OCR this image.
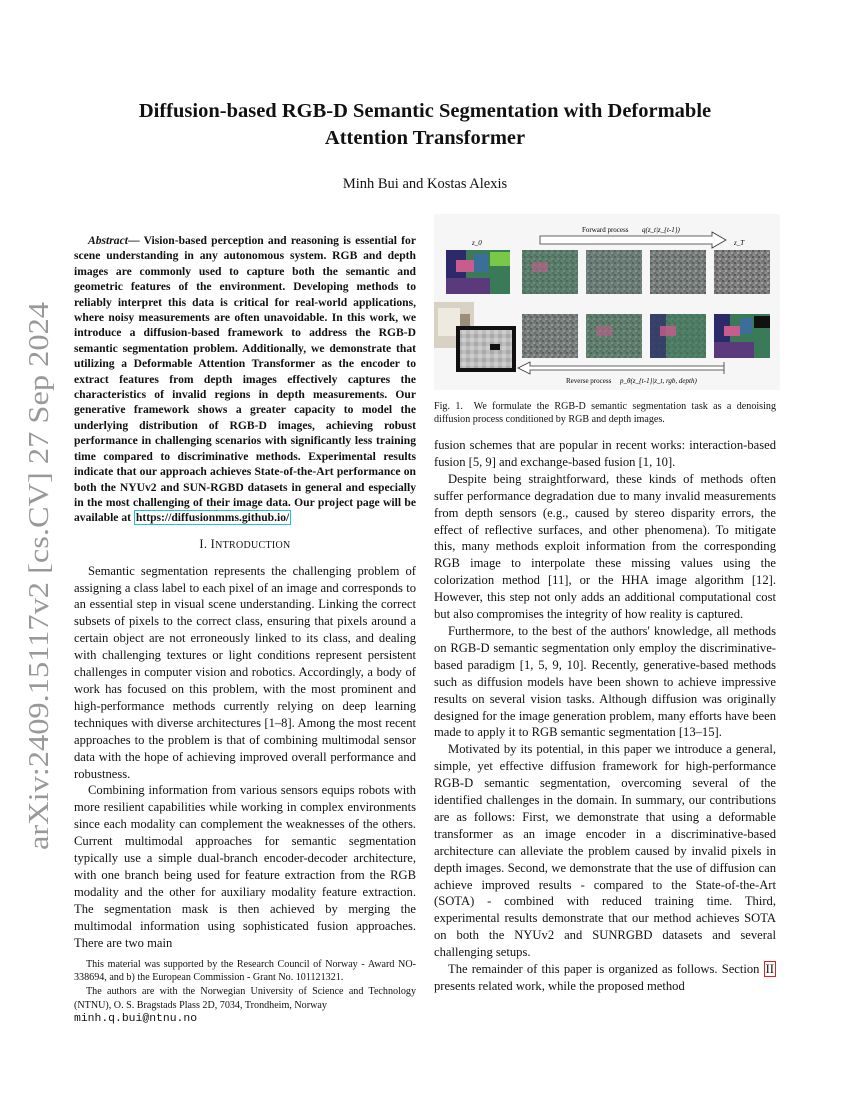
arXiv:2409.15117v2 [cs.CV] 27 Sep 2024
Diffusion-based RGB-D Semantic Segmentation with Deformable
Attention Transformer
Minh Bui and Kostas Alexis

Abstract— Vision-based perception and reasoning is essential for scene understanding in any autonomous system. RGB and depth images are commonly used to capture both the semantic and geometric features of the environment. Developing methods to reliably interpret this data is critical for real-world applications, where noisy measurements are often unavoidable. In this work, we introduce a diffusion-based framework to address the RGB-D semantic segmentation problem. Additionally, we demonstrate that utilizing a Deformable Attention Transformer as the encoder to extract features from depth images effectively captures the characteristics of invalid regions in depth measurements. Our generative framework shows a greater capacity to model the underlying distribution of RGB-D images, achieving robust performance in challenging scenarios with significantly less training time compared to discriminative methods. Experimental results indicate that our approach achieves State-of-the-Art performance on both the NYUv2 and SUN-RGBD datasets in general and especially in the most challenging of their image data. Our project page will be available at https://diffusionmms.github.io/

I. INTRODUCTION

Semantic segmentation represents the challenging problem of assigning a class label to each pixel of an image and corresponds to an essential step in visual scene understanding. Linking the correct subsets of pixels to the correct class, ensuring that pixels around a certain object are not erroneously linked to its class, and dealing with challenging textures or light conditions represent persistent challenges in computer vision and robotics. Accordingly, a body of work has focused on this problem, with the most prominent and high-performance methods currently relying on deep learning techniques with diverse architectures [1–8]. Among the most recent approaches to the problem is that of combining multimodal sensor data with the hope of achieving improved overall performance and robustness.

Combining information from various sensors equips robots with more resilient capabilities while working in complex environments since each modality can complement the weaknesses of the others. Current multimodal approaches for semantic segmentation typically use a simple dual-branch encoder-decoder architecture, with one branch being used for feature extraction from the RGB modality and the other for auxiliary modality feature extraction. The segmentation mask is then achieved by merging the multimodal information using sophisticated fusion approaches. There are two main

This material was supported by the Research Council of Norway - Award NO-338694, and b) the European Commission - Grant No. 101121321.

The authors are with the Norwegian University of Science and Technology (NTNU), O. S. Bragstads Plass 2D, 7034, Trondheim, Norway

minh.q.bui@ntnu.no
Forward process q(z_t|z_{t-1})
z_0	z_T
Reverse process p_θ(z_{t-1}|z_t, rgb, depth)
Fig. 1. We formulate the RGB-D semantic segmentation task as a denoising diffusion process conditioned by RGB and depth images.

fusion schemes that are popular in recent works: interaction-based fusion [5, 9] and exchange-based fusion [1, 10].

Despite being straightforward, these kinds of methods often suffer performance degradation due to many invalid measurements from depth sensors (e.g., caused by stereo disparity errors, the effect of reflective surfaces, and other phenomena). To mitigate this, many methods exploit information from the corresponding RGB image to interpolate these missing values using the colorization method [11], or the HHA image algorithm [12]. However, this step not only adds an additional computational cost but also compromises the integrity of how reality is captured.

Furthermore, to the best of the authors' knowledge, all methods on RGB-D semantic segmentation only employ the discriminative-based paradigm [1, 5, 9, 10]. Recently, generative-based methods such as diffusion models have been shown to achieve impressive results on several vision tasks. Although diffusion was originally designed for the image generation problem, many efforts have been made to apply it to RGB semantic segmentation [13–15].

Motivated by its potential, in this paper we introduce a general, simple, yet effective diffusion framework for high-performance RGB-D semantic segmentation, overcoming several of the identified challenges in the domain. In summary, our contributions are as follows: First, we demonstrate that using a deformable transformer as an image encoder in a discriminative-based architecture can alleviate the problem caused by invalid pixels in depth images. Second, we demonstrate that the use of diffusion can achieve improved results - compared to the State-of-the-Art (SOTA) - combined with reduced training time. Third, experimental results demonstrate that our method achieves SOTA on both the NYUv2 and SUNRGBD datasets and several challenging setups.

The remainder of this paper is organized as follows. Section II presents related work, while the proposed method
